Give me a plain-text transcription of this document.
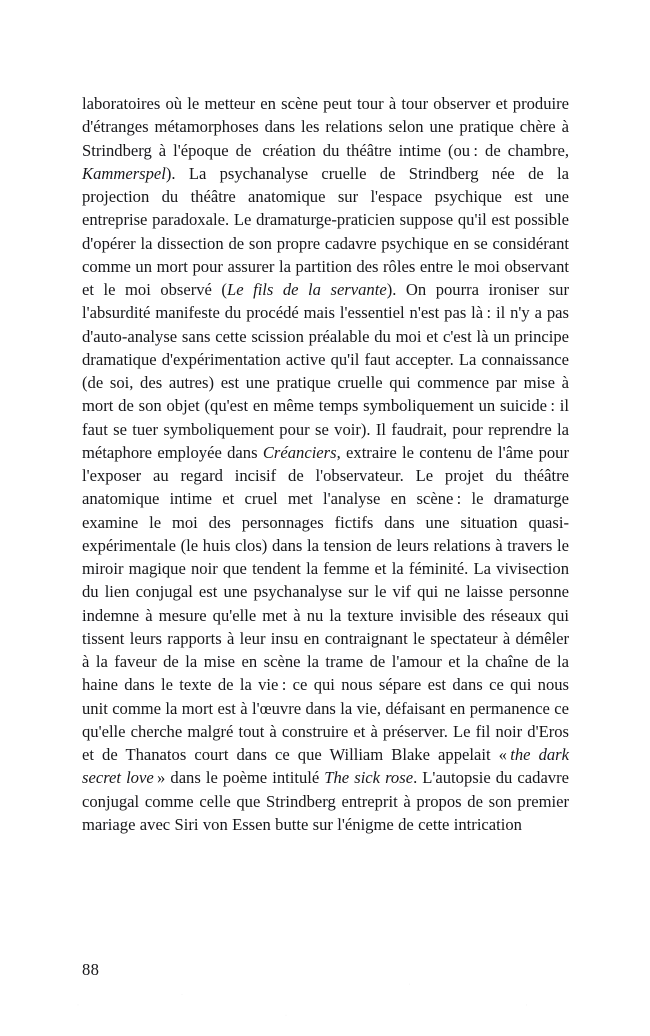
laboratoires où le metteur en scène peut tour à tour observer et produire d'étranges métamorphoses dans les relations selon une pratique chère à Strindberg à l'époque de création du théâtre intime (ou : de chambre, Kammerspel). La psychanalyse cruelle de Strindberg née de la projection du théâtre anatomique sur l'espace psychique est une entreprise paradoxale. Le dramaturge-praticien suppose qu'il est possible d'opérer la dissection de son propre cadavre psychique en se considérant comme un mort pour assurer la partition des rôles entre le moi observant et le moi observé (Le fils de la servante). On pourra ironiser sur l'absurdité manifeste du procédé mais l'essentiel n'est pas là : il n'y a pas d'auto-analyse sans cette scission préalable du moi et c'est là un principe dramatique d'expérimentation active qu'il faut accepter. La connaissance (de soi, des autres) est une pratique cruelle qui commence par mise à mort de son objet (qu'est en même temps symboliquement un suicide : il faut se tuer symboliquement pour se voir). Il faudrait, pour reprendre la métaphore employée dans Créanciers, extraire le contenu de l'âme pour l'exposer au regard incisif de l'observateur. Le projet du théâtre anatomique intime et cruel met l'analyse en scène : le dramaturge examine le moi des personnages fictifs dans une situation quasi-expérimentale (le huis clos) dans la tension de leurs relations à travers le miroir magique noir que tendent la femme et la féminité. La vivisection du lien conjugal est une psychanalyse sur le vif qui ne laisse personne indemne à mesure qu'elle met à nu la texture invisible des réseaux qui tissent leurs rapports à leur insu en contraignant le spectateur à démêler à la faveur de la mise en scène la trame de l'amour et la chaîne de la haine dans le texte de la vie : ce qui nous sépare est dans ce qui nous unit comme la mort est à l'œuvre dans la vie, défaisant en permanence ce qu'elle cherche malgré tout à construire et à préserver. Le fil noir d'Eros et de Thanatos court dans ce que William Blake appelait « the dark secret love » dans le poème intitulé The sick rose. L'autopsie du cadavre conjugal comme celle que Strindberg entreprit à propos de son premier mariage avec Siri von Essen butte sur l'énigme de cette intrication

88
